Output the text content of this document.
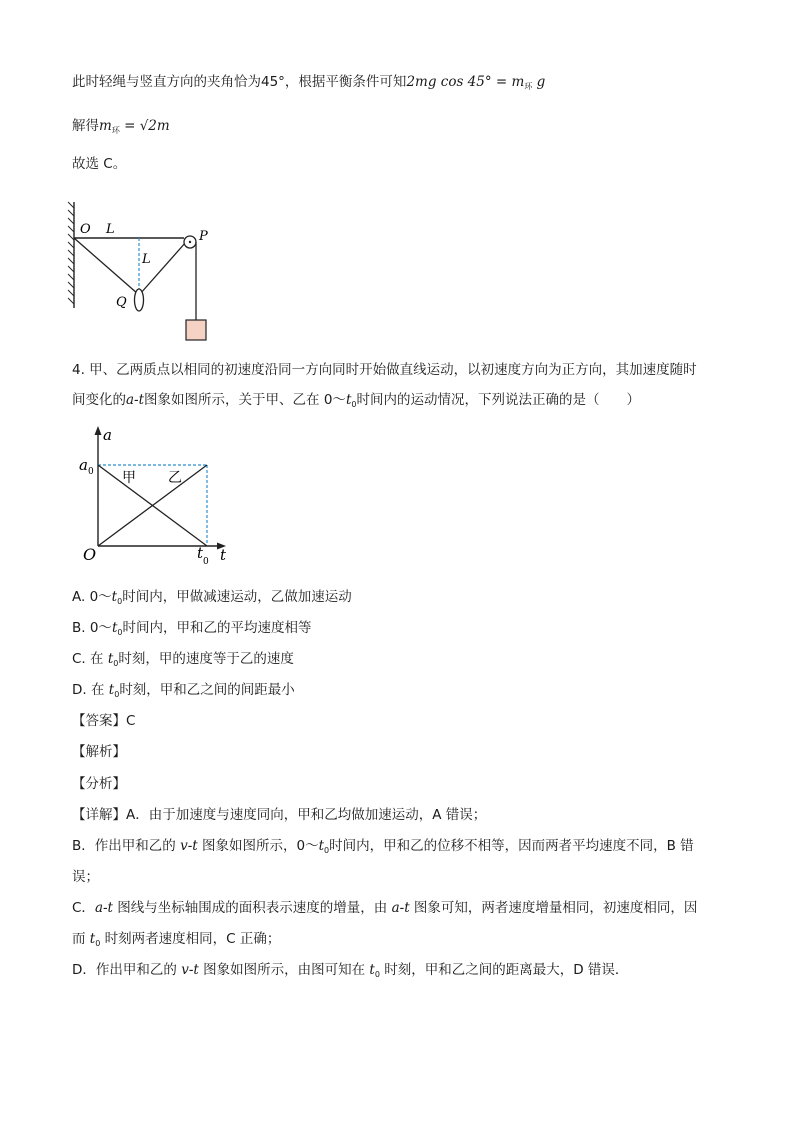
此时轻绳与竖直方向的夹角恰为45°，根据平衡条件可知2mg $\cos 45^\circ = m_环$ g
解得$m_环 = √2m$
故选 C。
O L
L
P
Q
4. 甲、乙两质点以相同的初速度沿同一方向同时开始做直线运动，以初速度方向为正方向，其加速度随时
间变化的a-t图象如图所示，关于甲、乙在 $0\sim t_0$时间内的运动情况，下列说法正确的是（　　）
a
a 0 甲 乙
O	t 0 t
A. $0\sim t_0$时间内，甲做减速运动，乙做加速运动
B. $0\sim t_0$时间内，甲和乙的平均速度相等
C. 在 $t_0$时刻，甲的速度等于乙的速度
D. 在 $t_0$时刻，甲和乙之间的间距最小
【答案】C
【解析】
【分析】
【详解】A．由于加速度与速度同向，甲和乙均做加速运动，A 错误；
B．作出甲和乙的 v-t 图象如图所示，$0\sim t_0$时间内，甲和乙的位移不相等，因而两者平均速度不同，B 错
误；
C．a-t 图线与坐标轴围成的面积表示速度的增量，由 a-t 图象可知，两者速度增量相同，初速度相同，因
而 $t_0$ 时刻两者速度相同，C 正确；
D．作出甲和乙的 v-t 图象如图所示，由图可知在 $t_0$ 时刻，甲和乙之间的距离最大，D 错误．
